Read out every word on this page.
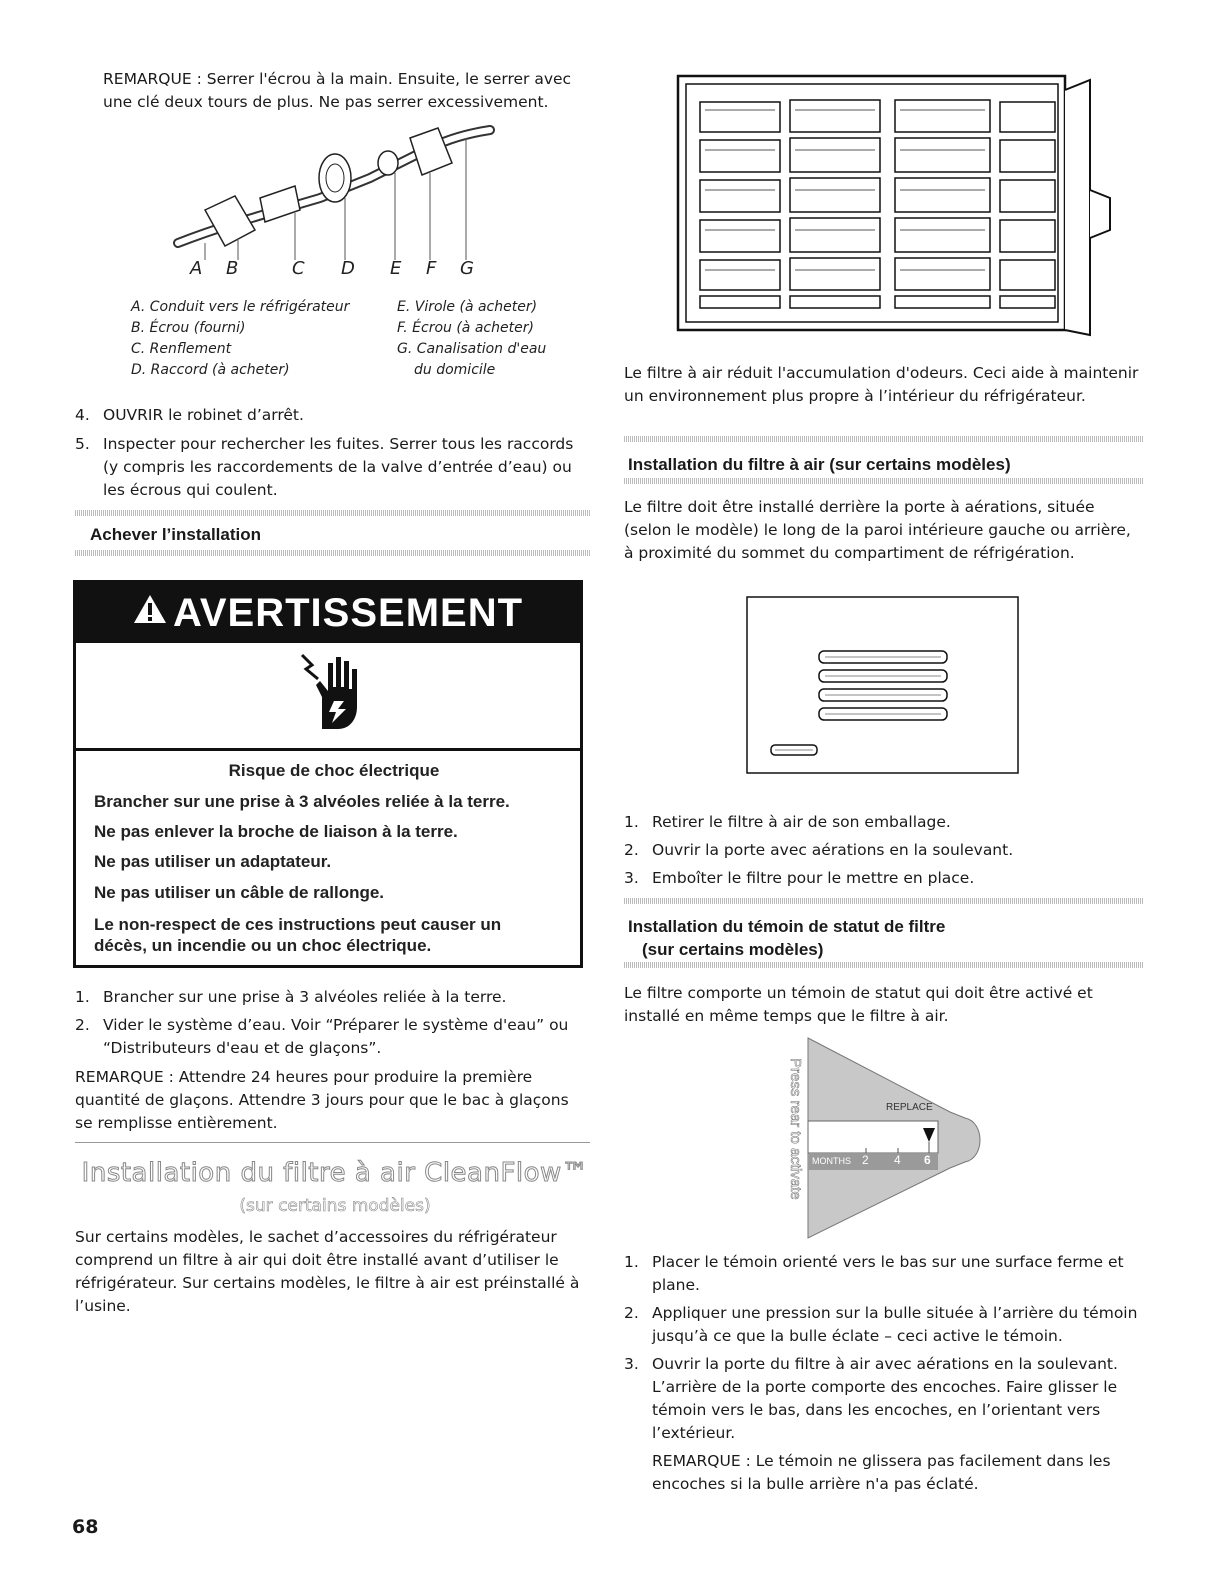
REMARQUE : Serrer l'écrou à la main. Ensuite, le serrer avec une clé deux tours de plus. Ne pas serrer excessivement.
A B	C D E F G
A. Conduit vers le réfrigérateur
B. Écrou (fourni)
C. Renflement
D. Raccord (à acheter)
E. Virole (à acheter)
F. Écrou (à acheter)
G. Canalisation d'eau
du domicile
4. OUVRIR le robinet d’arrêt.
5. Inspecter pour rechercher les fuites. Serrer tous les raccords (y compris les raccordements de la valve d’entrée d’eau) ou les écrous qui coulent.
Achever l’installation
AVERTISSEMENT
Risque de choc électrique
Brancher sur une prise à 3 alvéoles reliée à la terre.
Ne pas enlever la broche de liaison à la terre.
Ne pas utiliser un adaptateur.
Ne pas utiliser un câble de rallonge.
Le non-respect de ces instructions peut causer un décès, un incendie ou un choc électrique.
1. Brancher sur une prise à 3 alvéoles reliée à la terre.
2. Vider le système d’eau. Voir “Préparer le système d'eau” ou “Distributeurs d'eau et de glaçons”.
REMARQUE : Attendre 24 heures pour produire la première quantité de glaçons. Attendre 3 jours pour que le bac à glaçons se remplisse entièrement.
Installation du filtre à air CleanFlow™
(sur certains modèles)
Sur certains modèles, le sachet d’accessoires du réfrigérateur comprend un filtre à air qui doit être installé avant d’utiliser le réfrigérateur. Sur certains modèles, le filtre à air est préinstallé à l’usine.
68
Le filtre à air réduit l'accumulation d'odeurs. Ceci aide à maintenir un environnement plus propre à l’intérieur du réfrigérateur.
Installation du filtre à air (sur certains modèles)
Le filtre doit être installé derrière la porte à aérations, située (selon le modèle) le long de la paroi intérieure gauche ou arrière, à proximité du sommet du compartiment de réfrigération.
1. Retirer le filtre à air de son emballage.
2. Ouvrir la porte avec aérations en la soulevant.
3. Emboîter le filtre pour le mettre en place.
Installation du témoin de statut de filtre
(sur certains modèles)
Le filtre comporte un témoin de statut qui doit être activé et installé en même temps que le filtre à air.
Press rear to activate	REPLACE
MONTHS 2 4 6
1. Placer le témoin orienté vers le bas sur une surface ferme et plane.
2. Appliquer une pression sur la bulle située à l’arrière du témoin jusqu’à ce que la bulle éclate – ceci active le témoin.
3. Ouvrir la porte du filtre à air avec aérations en la soulevant. L’arrière de la porte comporte des encoches. Faire glisser le témoin vers le bas, dans les encoches, en l’orientant vers l’extérieur.
REMARQUE : Le témoin ne glissera pas facilement dans les encoches si la bulle arrière n'a pas éclaté.
